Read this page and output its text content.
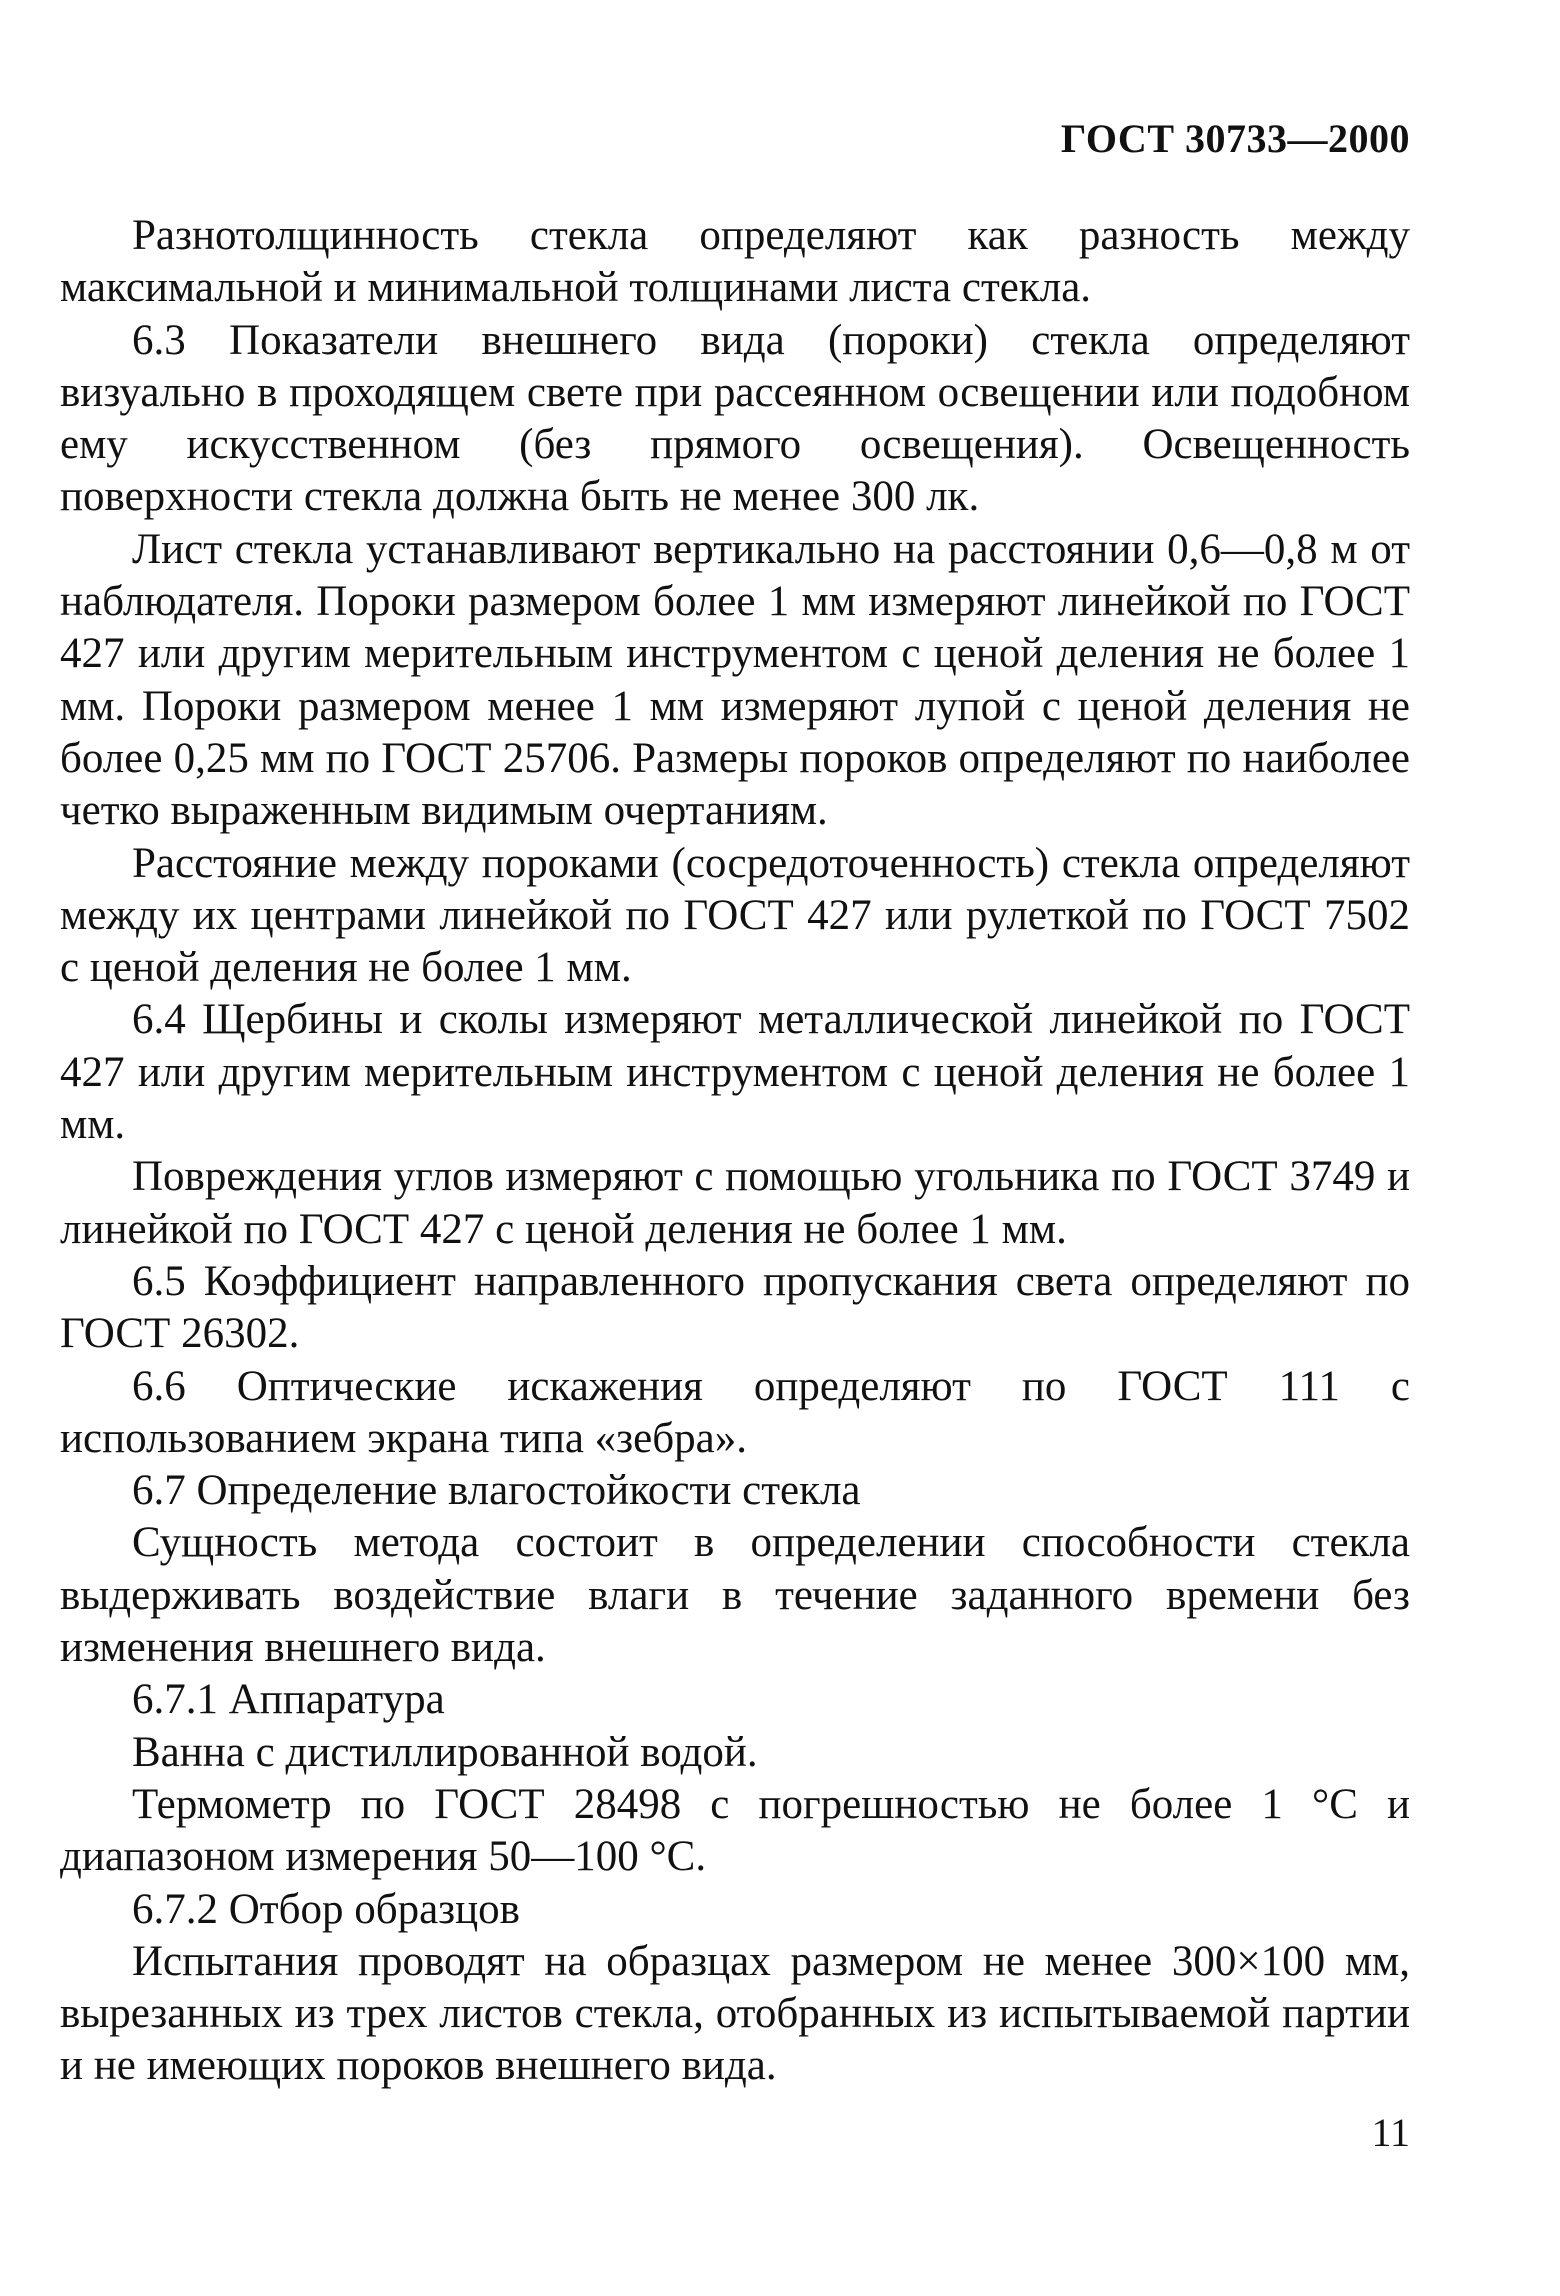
ГОСТ 30733—2000

Разнотолщинность стекла определяют как разность между максимальной и минимальной толщинами листа стекла.

6.3 Показатели внешнего вида (пороки) стекла определяют визуально в проходящем свете при рассеянном освещении или подобном ему искусственном (без прямого освещения). Освещенность поверхности стекла должна быть не менее 300 лк.

Лист стекла устанавливают вертикально на расстоянии 0,6—0,8 м от наблюдателя. Пороки размером более 1 мм измеряют линейкой по ГОСТ 427 или другим мерительным инструментом с ценой деления не более 1 мм. Пороки размером менее 1 мм измеряют лупой с ценой деления не более 0,25 мм по ГОСТ 25706. Размеры пороков определяют по наиболее четко выраженным видимым очертаниям.

Расстояние между пороками (сосредоточенность) стекла определяют между их центрами линейкой по ГОСТ 427 или рулеткой по ГОСТ 7502 с ценой деления не более 1 мм.

6.4 Щербины и сколы измеряют металлической линейкой по ГОСТ 427 или другим мерительным инструментом с ценой деления не более 1 мм.

Повреждения углов измеряют с помощью угольника по ГОСТ 3749 и линейкой по ГОСТ 427 с ценой деления не более 1 мм.

6.5 Коэффициент направленного пропускания света определяют по ГОСТ 26302.

6.6 Оптические искажения определяют по ГОСТ 111 с использованием экрана типа «зебра».

6.7 Определение влагостойкости стекла

Сущность метода состоит в определении способности стекла выдерживать воздействие влаги в течение заданного времени без изменения внешнего вида.

6.7.1 Аппаратура

Ванна с дистиллированной водой.

Термометр по ГОСТ 28498 с погрешностью не более 1 °С и диапазоном измерения 50—100 °С.

6.7.2 Отбор образцов

Испытания проводят на образцах размером не менее 300×100 мм, вырезанных из трех листов стекла, отобранных из испытываемой партии и не имеющих пороков внешнего вида.

11
